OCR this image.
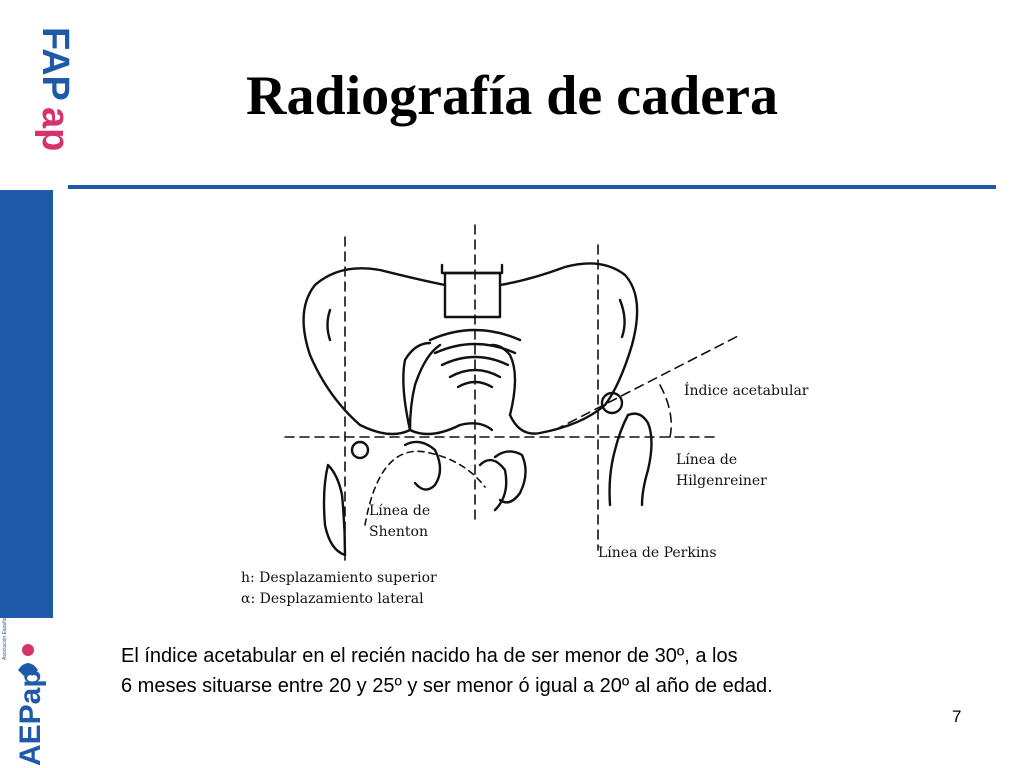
FAP
ap
Asociación Española de Pediatría
AEPap
Radiografía de cadera
Índice acetabular
Línea de
Hilgenreiner
Línea de
Shenton
Línea de Perkins
h: Desplazamiento superior
α: Desplazamiento lateral
El índice acetabular en el recién nacido ha de ser menor de 30º, a los
6 meses situarse entre 20 y 25º y ser menor ó igual a 20º al año de edad.
7
